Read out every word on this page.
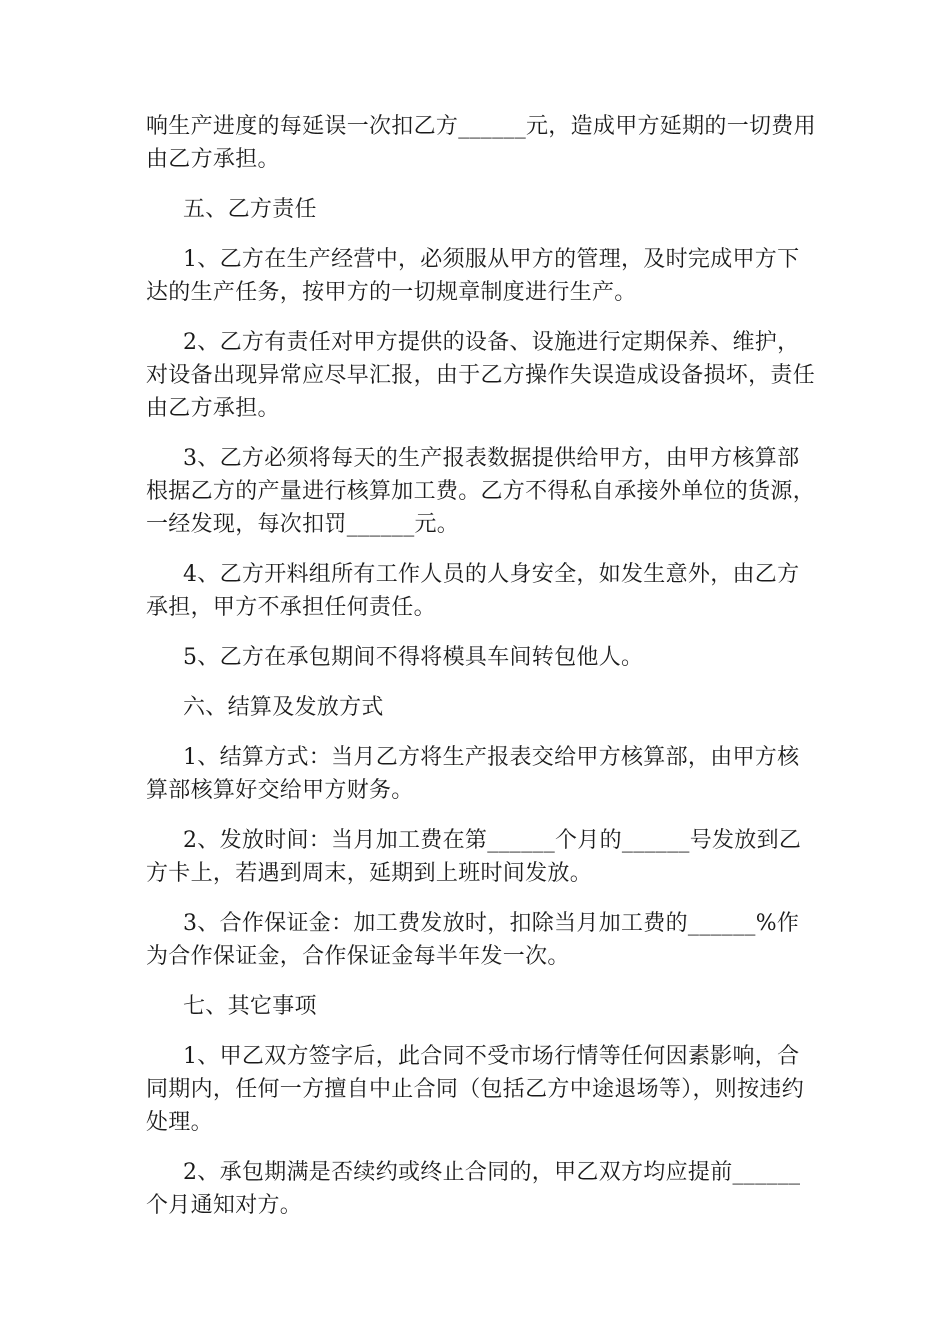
响生产进度的每延误一次扣乙方______元，造成甲方延期的一切费用由乙方承担。

五、乙方责任

1、乙方在生产经营中，必须服从甲方的管理，及时完成甲方下达的生产任务，按甲方的一切规章制度进行生产。

2、乙方有责任对甲方提供的设备、设施进行定期保养、维护，对设备出现异常应尽早汇报，由于乙方操作失误造成设备损坏，责任由乙方承担。

3、乙方必须将每天的生产报表数据提供给甲方，由甲方核算部根据乙方的产量进行核算加工费。乙方不得私自承接外单位的货源，一经发现，每次扣罚______元。

4、乙方开料组所有工作人员的人身安全，如发生意外，由乙方承担，甲方不承担任何责任。

5、乙方在承包期间不得将模具车间转包他人。

六、结算及发放方式

1、结算方式：当月乙方将生产报表交给甲方核算部，由甲方核算部核算好交给甲方财务。

2、发放时间：当月加工费在第______个月的______号发放到乙方卡上，若遇到周末，延期到上班时间发放。

3、合作保证金：加工费发放时，扣除当月加工费的______%作为合作保证金，合作保证金每半年发一次。

七、其它事项

1、甲乙双方签字后，此合同不受市场行情等任何因素影响，合同期内，任何一方擅自中止合同（包括乙方中途退场等），则按违约处理。

2、承包期满是否续约或终止合同的，甲乙双方均应提前______个月通知对方。
